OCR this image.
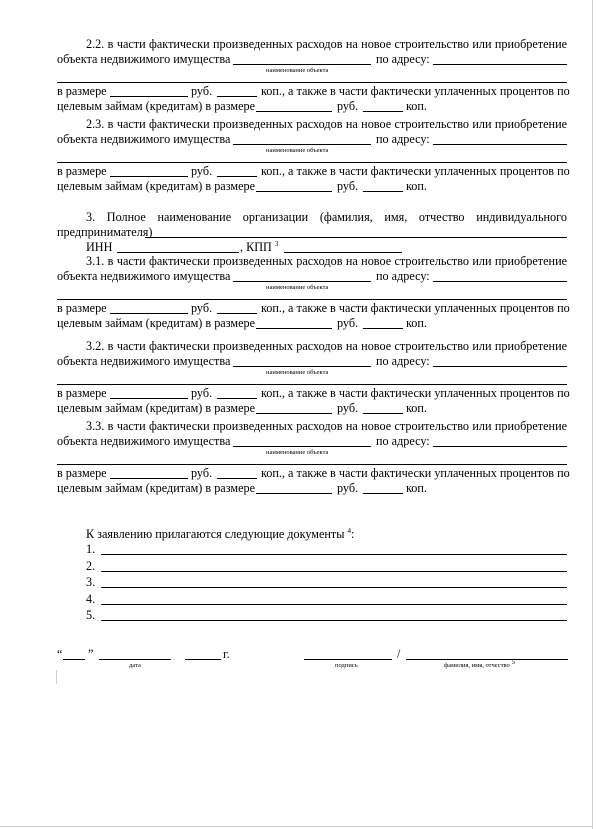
2.2. в части фактически произведенных расходов на новое строительство или приобретение
объекта недвижимого имущества
наименование объекта
по адресу:
в размере	руб.	коп., а также в части фактически уплаченных процентов по
целевым займам (кредитам) в размере	руб.	коп.
2.3. в части фактически произведенных расходов на новое строительство или приобретение
объекта недвижимого имущества
наименование объекта
по адресу:
в размере	руб.	коп., а также в части фактически уплаченных процентов по
целевым займам (кредитам) в размере	руб.	коп.
3.1. в части фактически произведенных расходов на новое строительство или приобретение
объекта недвижимого имущества
наименование объекта
по адресу:
в размере	руб.	коп., а также в части фактически уплаченных процентов по
целевым займам (кредитам) в размере	руб.	коп.
3.2. в части фактически произведенных расходов на новое строительство или приобретение
объекта недвижимого имущества
наименование объекта
по адресу:
в размере	руб.	коп., а также в части фактически уплаченных процентов по
целевым займам (кредитам) в размере	руб.	коп.
3.3. в части фактически произведенных расходов на новое строительство или приобретение
объекта недвижимого имущества
наименование объекта
по адресу:
в размере	руб.	коп., а также в части фактически уплаченных процентов по
целевым займам (кредитам) в размере	руб.	коп.
3. Полное наименование организации (фамилия, имя, отчество индивидуального
предпринимателя)
ИНН	, КПП $^3$
К заявлению прилагаются следующие документы $^4$:
1.
2.
3.
4.
5.
“ ”
дата
г.
подпись
/
фамилия, имя, отчество 5
